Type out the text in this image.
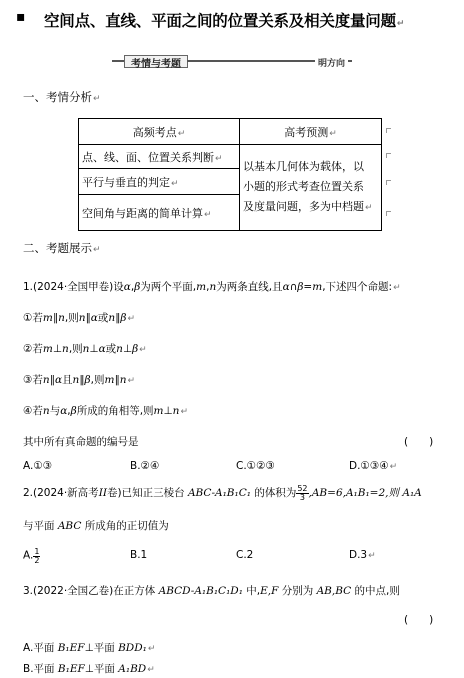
▪ 空间点、直线、平面之间的位置关系及相关度量问题↵
考情与考题	明方向
一、考情分析↵
高频考点↵	高考预测↵
点、线、面、位置关系判断↵	以基本几何体为载体，以
小题的形式考查位置关系
及度量问题，多为中档题↵

平行与垂直的判定↵	
空间角与距离的简单计算↵	
二、考题展示↵
1.(2024·全国甲卷)设α,β为两个平面,m,n为两条直线,且α∩β=m,下述四个命题:↵
①若m∥n,则n∥α或n∥β↵
②若m⊥n,则n⊥α或n⊥β↵
③若n∥α且n∥β,则m∥n↵
④若n与α,β所成的角相等,则m⊥n↵
其中所有真命题的编号是	(　　)
A.①③	B.②④	C.①②③	D.①③④↵
2.(2024·新高考II卷)已知正三棱台 ABC-A₁B₁C₁ 的体积为 $\frac{52}{3} ,AB=6,A_1B_1=2$,则 A₁A
与平面 ABC 所成角的正切值为
A. $\frac{1}{2}$	B.1	C.2	D.3↵
3.(2022·全国乙卷)在正方体 ABCD-A₁B₁C₁D₁ 中,E,F 分别为 AB,BC 的中点,则
(　　)
A.平面 B₁EF⊥平面 BDD₁↵
B.平面 B₁EF⊥平面 A₁BD↵
